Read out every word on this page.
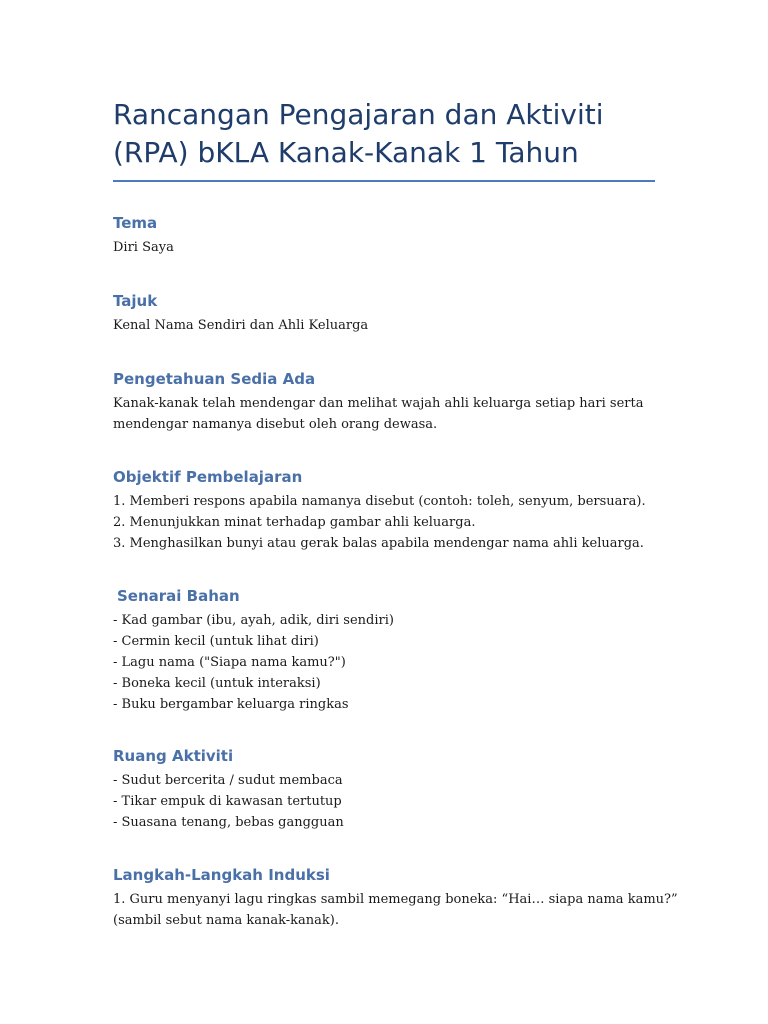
Rancangan Pengajaran dan Aktiviti
(RPA) bKLA Kanak-Kanak 1 Tahun
Tema

Diri Saya

Tajuk

Kenal Nama Sendiri dan Ahli Keluarga

Pengetahuan Sedia Ada

Kanak-kanak telah mendengar dan melihat wajah ahli keluarga setiap hari serta

mendengar namanya disebut oleh orang dewasa.

Objektif Pembelajaran

1. Memberi respons apabila namanya disebut (contoh: toleh, senyum, bersuara).

2. Menunjukkan minat terhadap gambar ahli keluarga.

3. Menghasilkan bunyi atau gerak balas apabila mendengar nama ahli keluarga.

Senarai Bahan

- Kad gambar (ibu, ayah, adik, diri sendiri)

- Cermin kecil (untuk lihat diri)

- Lagu nama ("Siapa nama kamu?")

- Boneka kecil (untuk interaksi)

- Buku bergambar keluarga ringkas

Ruang Aktiviti

- Sudut bercerita / sudut membaca

- Tikar empuk di kawasan tertutup

- Suasana tenang, bebas gangguan

Langkah-Langkah Induksi

1. Guru menyanyi lagu ringkas sambil memegang boneka: “Hai… siapa nama kamu?”

(sambil sebut nama kanak-kanak).
